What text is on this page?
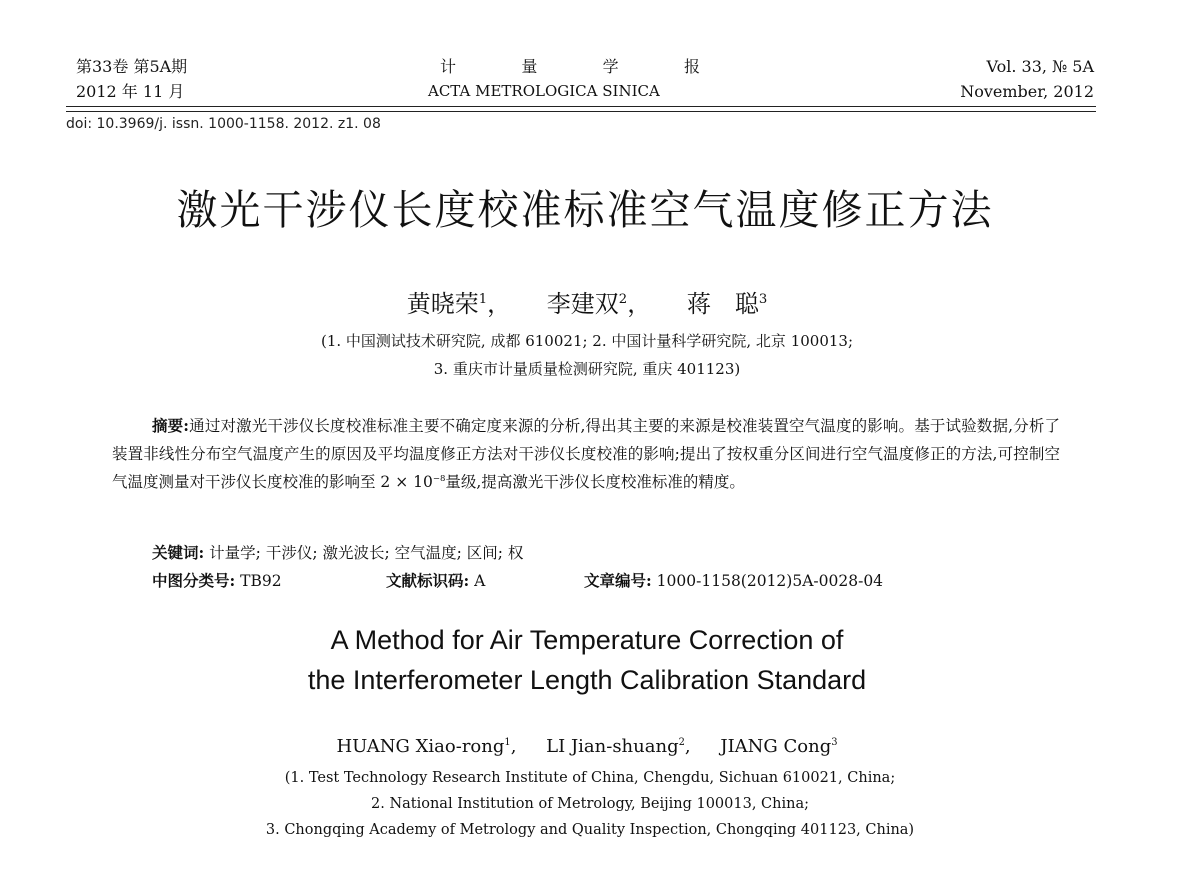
第33卷 第5A期
2012 年 11 月
计	量	学	报
ACTA METROLOGICA SINICA
Vol. 33, № 5A
November, 2012
doi: 10.3969/j. issn. 1000-1158. 2012. z1. 08
激光干涉仪长度校准标准空气温度修正方法
黄晓荣$^1$， 李建双$^2$， 蒋　聪$^3$
(1. 中国测试技术研究院, 成都 610021; 2. 中国计量科学研究院, 北京 100013;
3. 重庆市计量质量检测研究院, 重庆 401123)

摘要:通过对激光干涉仪长度校准标准主要不确定度来源的分析,得出其主要的来源是校准装置空气温度的影响。基于试验数据,分析了装置非线性分布空气温度产生的原因及平均温度修正方法对干涉仪长度校准的影响;提出了按权重分区间进行空气温度修正的方法,可控制空气温度测量对干涉仪长度校准的影响至 $2 \times 10^{-8}$量级,提高激光干涉仪长度校准标准的精度。

关键词: 计量学; 干涉仪; 激光波长; 空气温度; 区间; 权
中图分类号: TB92	文献标识码: A	文章编号: 1000-1158(2012)5A-0028-04
A Method for Air Temperature Correction of
the Interferometer Length Calibration Standard
HUANG Xiao-rong$^1$, LI Jian-shuang$^2$, JIANG Cong$^3$
(1. Test Technology Research Institute of China, Chengdu, Sichuan 610021, China;
2. National Institution of Metrology, Beijing 100013, China;
3. Chongqing Academy of Metrology and Quality Inspection, Chongqing 401123, China)
